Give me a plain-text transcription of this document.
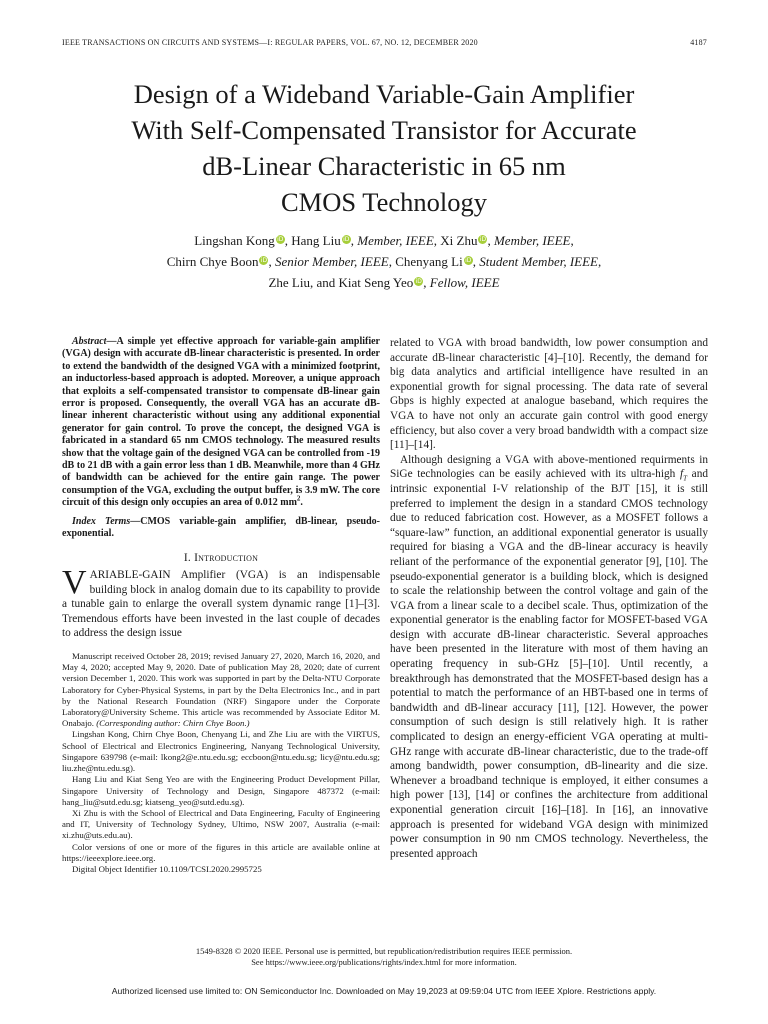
IEEE TRANSACTIONS ON CIRCUITS AND SYSTEMS—I: REGULAR PAPERS, VOL. 67, NO. 12, DECEMBER 2020	4187
Design of a Wideband Variable-Gain Amplifier
With Self-Compensated Transistor for Accurate
dB-Linear Characteristic in 65 nm
CMOS Technology
Lingshan Kong iD, Hang Liu iD, Member, IEEE, Xi Zhu iD, Member, IEEE,
Chirn Chye Boon iD, Senior Member, IEEE, Chenyang Li iD, Student Member, IEEE,
Zhe Liu, and Kiat Seng Yeo iD, Fellow, IEEE

Abstract—A simple yet effective approach for variable-gain amplifier (VGA) design with accurate dB-linear characteristic is presented. In order to extend the bandwidth of the designed VGA with a minimized footprint, an inductorless-based approach is adopted. Moreover, a unique approach that exploits a self-compensated transistor to compensate dB-linear gain error is proposed. Consequently, the overall VGA has an accurate dB-linear inherent characteristic without using any additional exponential generator for gain control. To prove the concept, the designed VGA is fabricated in a standard 65 nm CMOS technology. The measured results show that the voltage gain of the designed VGA can be controlled from -19 dB to 21 dB with a gain error less than 1 dB. Meanwhile, more than 4 GHz of bandwidth can be achieved for the entire gain range. The power consumption of the VGA, excluding the output buffer, is 3.9 mW. The core circuit of this design only occupies an area of 0.012 $mm^2$.

Index Terms—CMOS variable-gain amplifier, dB-linear, pseudo-exponential.

I. Introduction

VARIABLE-GAIN Amplifier (VGA) is an indispensable building block in analog domain due to its capability to provide a tunable gain to enlarge the overall system dynamic range [1]–[3]. Tremendous efforts have been invested in the last couple of decades to address the design issue

Manuscript received October 28, 2019; revised January 27, 2020, March 16, 2020, and May 4, 2020; accepted May 9, 2020. Date of publication May 28, 2020; date of current version December 1, 2020. This work was supported in part by the Delta-NTU Corporate Laboratory for Cyber-Physical Systems, in part by the Delta Electronics Inc., and in part by the National Research Foundation (NRF) Singapore under the Corporate Laboratory@University Scheme. This article was recommended by Associate Editor M. Onabajo. (Corresponding author: Chirn Chye Boon.)

Lingshan Kong, Chirn Chye Boon, Chenyang Li, and Zhe Liu are with the VIRTUS, School of Electrical and Electronics Engineering, Nanyang Technological University, Singapore 639798 (e-mail: lkong2@e.ntu.edu.sg; eccboon@ntu.edu.sg; licy@ntu.edu.sg; liu.zhe@ntu.edu.sg).

Hang Liu and Kiat Seng Yeo are with the Engineering Product Development Pillar, Singapore University of Technology and Design, Singapore 487372 (e-mail: hang_liu@sutd.edu.sg; kiatseng_yeo@sutd.edu.sg).

Xi Zhu is with the School of Electrical and Data Engineering, Faculty of Engineering and IT, University of Technology Sydney, Ultimo, NSW 2007, Australia (e-mail: xi.zhu@uts.edu.au).

Color versions of one or more of the figures in this article are available online at https://ieeexplore.ieee.org.

Digital Object Identifier 10.1109/TCSI.2020.2995725

related to VGA with broad bandwidth, low power consumption and accurate dB-linear characteristic [4]–[10]. Recently, the demand for big data analytics and artificial intelligence have resulted in an exponential growth for signal processing. The data rate of several Gbps is highly expected at analogue baseband, which requires the VGA to have not only an accurate gain control with good energy efficiency, but also cover a very broad bandwidth with a compact size [11]–[14].

Although designing a VGA with above-mentioned requirments in SiGe technologies can be easily achieved with its ultra-high $f_T$ and intrinsic exponential I-V relationship of the BJT [15], it is still preferred to implement the design in a standard CMOS technology due to reduced fabrication cost. However, as a MOSFET follows a “square-law” function, an additional exponential generator is usually required for biasing a VGA and the dB-linear accuracy is heavily reliant of the performance of the exponential generator [9], [10]. The pseudo-exponential generator is a building block, which is designed to scale the relationship between the control voltage and gain of the VGA from a linear scale to a decibel scale. Thus, optimization of the exponential generator is the enabling factor for MOSFET-based VGA design with accurate dB-linear characteristic. Several approaches have been presented in the literature with most of them having an operating frequency in sub-GHz [5]–[10]. Until recently, a breakthrough has demonstrated that the MOSFET-based design has a potential to match the performance of an HBT-based one in terms of bandwidth and dB-linear accuracy [11], [12]. However, the power consumption of such design is still relatively high. It is rather complicated to design an energy-efficient VGA operating at multi-GHz range with accurate dB-linear characteristic, due to the trade-off among bandwidth, power consumption, dB-linearity and die size. Whenever a broadband technique is employed, it either consumes a high power [13], [14] or confines the architecture from additional exponential generation circuit [16]–[18]. In [16], an innovative approach is presented for wideband VGA design with minimized power consumption in 90 nm CMOS technology. Nevertheless, the presented approach

1549-8328 © 2020 IEEE. Personal use is permitted, but republication/redistribution requires IEEE permission.
See https://www.ieee.org/publications/rights/index.html for more information.
Authorized licensed use limited to: ON Semiconductor Inc. Downloaded on May 19,2023 at 09:59:04 UTC from IEEE Xplore. Restrictions apply.
